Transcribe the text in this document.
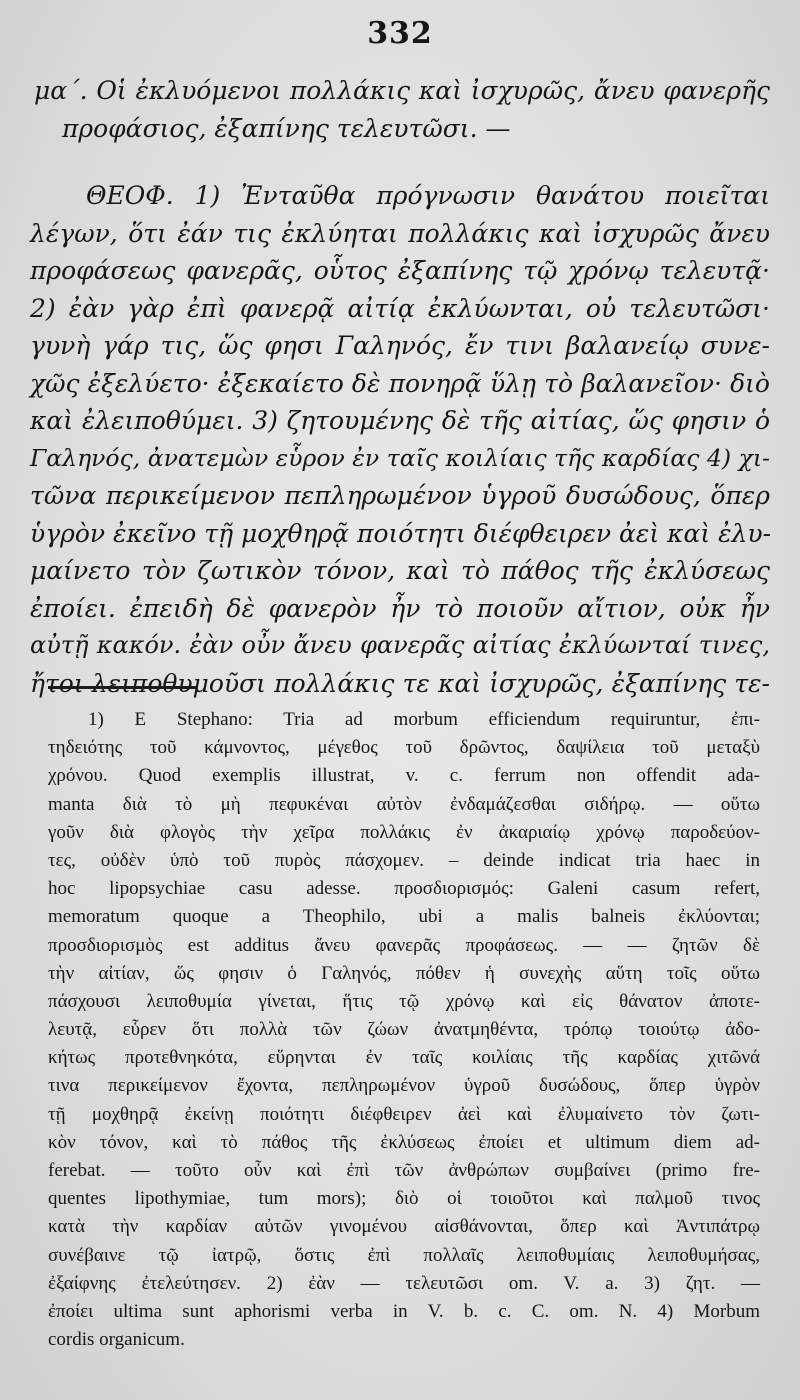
332

μα΄. Οἱ ἐκλυόμενοι πολλάκις καὶ ἰσχυρῶς, ἄνευ φανερῆς
προφάσιος, ἐξαπίνης τελευτῶσι. —

ΘΕΟΦ. 1) Ἐνταῦθα πρόγνωσιν θανάτου ποιεῖται
λέγων, ὅτι ἐάν τις ἐκλύηται πολλάκις καὶ ἰσχυρῶς ἄνευ
προφάσεως φανερᾶς, οὗτος ἐξαπίνης τῷ χρόνῳ τελευτᾷ·
2) ἐὰν γὰρ ἐπὶ φανερᾷ αἰτίᾳ ἐκλύωνται, οὐ τελευτῶσι·
γυνὴ γάρ τις, ὥς φησι Γαληνός, ἔν τινι βαλανείῳ συνε-
χῶς ἐξελύετο· ἐξεκαίετο δὲ πονηρᾷ ὕλῃ τὸ βαλανεῖον· διὸ
καὶ ἐλειποθύμει. 3) ζητουμένης δὲ τῆς αἰτίας, ὥς φησιν ὁ
Γαληνός, ἀνατεμὼν εὗρον ἐν ταῖς κοιλίαις τῆς καρδίας 4) χι-
τῶνα περικείμενον πεπληρωμένον ὑγροῦ δυσώδους, ὅπερ
ὑγρὸν ἐκεῖνο τῇ μοχθηρᾷ ποιότητι διέφθειρεν ἀεὶ καὶ ἐλυ-
μαίνετο τὸν ζωτικὸν τόνον, καὶ τὸ πάθος τῆς ἐκλύσεως
ἐποίει. ἐπειδὴ δὲ φανερὸν ἦν τὸ ποιοῦν αἴτιον, οὐκ ἦν
αὐτῇ κακόν. ἐὰν οὖν ἄνευ φανερᾶς αἰτίας ἐκλύωνταί τινες,
ἤτοι λειποθυμοῦσι πολλάκις τε καὶ ἰσχυρῶς, ἐξαπίνης τε-

1) E Stephano: Tria ad morbum efficiendum requiruntur, ἐπι-
τηδειότης τοῦ κάμνοντος, μέγεθος τοῦ δρῶντος, δαψίλεια τοῦ μεταξὺ
χρόνου. Quod exemplis illustrat, v. c. ferrum non offendit ada-
manta διὰ τὸ μὴ πεφυκέναι αὐτὸν ἐνδαμάζεσθαι σιδήρῳ. — οὕτω
γοῦν διὰ φλογὸς τὴν χεῖρα πολλάκις ἐν ἀκαριαίῳ χρόνῳ παροδεύον-
τες, οὐδὲν ὑπὸ τοῦ πυρὸς πάσχομεν. – deinde indicat tria haec in
hoc lipopsychiae casu adesse. προσδιορισμός: Galeni casum refert,
memoratum quoque a Theophilo, ubi a malis balneis ἐκλύονται;
προσδιορισμὸς est additus ἄνευ φανερᾶς προφάσεως. — — ζητῶν δὲ
τὴν αἰτίαν, ὥς φησιν ὁ Γαληνός, πόθεν ἡ συνεχὴς αὕτη τοῖς οὕτω
πάσχουσι λειποθυμία γίνεται, ἥτις τῷ χρόνῳ καὶ εἰς θάνατον ἀποτε-
λευτᾷ, εὗρεν ὅτι πολλὰ τῶν ζώων ἀνατμηθέντα, τρόπῳ τοιούτῳ ἀδο-
κήτως προτεθνηκότα, εὕρηνται ἐν ταῖς κοιλίαις τῆς καρδίας χιτῶνά
τινα περικείμενον ἔχοντα, πεπληρωμένον ὑγροῦ δυσώδους, ὅπερ ὑγρὸν
τῇ μοχθηρᾷ ἐκείνῃ ποιότητι διέφθειρεν ἀεὶ καὶ ἐλυμαίνετο τὸν ζωτι-
κὸν τόνον, καὶ τὸ πάθος τῆς ἐκλύσεως ἐποίει et ultimum diem ad-
ferebat. — τοῦτο οὖν καὶ ἐπὶ τῶν ἀνθρώπων συμβαίνει (primo fre-
quentes lipothymiae, tum mors); διὸ οἱ τοιοῦτοι καὶ παλμοῦ τινος
κατὰ τὴν καρδίαν αὐτῶν γινομένου αἰσθάνονται, ὅπερ καὶ Ἀντιπάτρῳ
συνέβαινε τῷ ἰατρῷ, ὅστις ἐπὶ πολλαῖς λειποθυμίαις λειποθυμήσας,
ἐξαίφνης ἐτελεύτησεν. 2) ἐὰν — τελευτῶσι om. V. a. 3) ζητ. —
ἐποίει ultima sunt aphorismi verba in V. b. c. C. om. N. 4) Morbum
cordis organicum.
